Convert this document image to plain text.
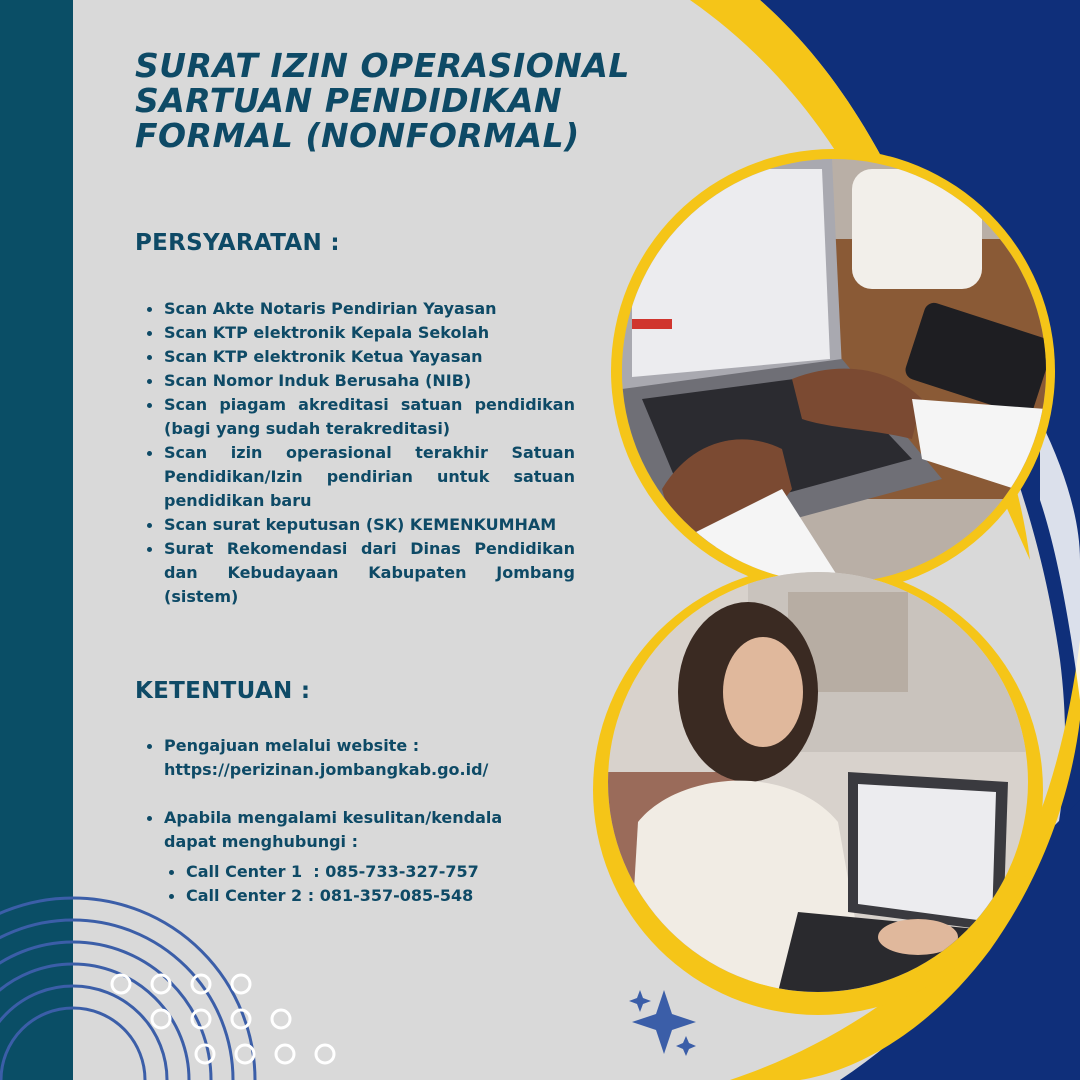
SURAT IZIN OPERASIONAL
SARTUAN PENDIDIKAN
FORMAL (NONFORMAL)
PERSYARATAN :
Scan Akte Notaris Pendirian Yayasan
Scan KTP elektronik Kepala Sekolah
Scan KTP elektronik Ketua Yayasan
Scan Nomor Induk Berusaha (NIB)
Scan piagam akreditasi satuan pendidikan (bagi yang sudah terakreditasi)
Scan izin operasional terakhir Satuan Pendidikan/Izin pendirian untuk satuan pendidikan baru
Scan surat keputusan (SK) KEMENKUMHAM
Surat Rekomendasi dari Dinas Pendidikan dan Kebudayaan Kabupaten Jombang (sistem)
KETENTUAN :
Pengajuan melalui website : https://perizinan.jombangkab.go.id/
Apabila mengalami kesulitan/kendala dapat menghubungi :
Call Center 1  : 085-733-327-757
Call Center 2 : 081-357-085-548
